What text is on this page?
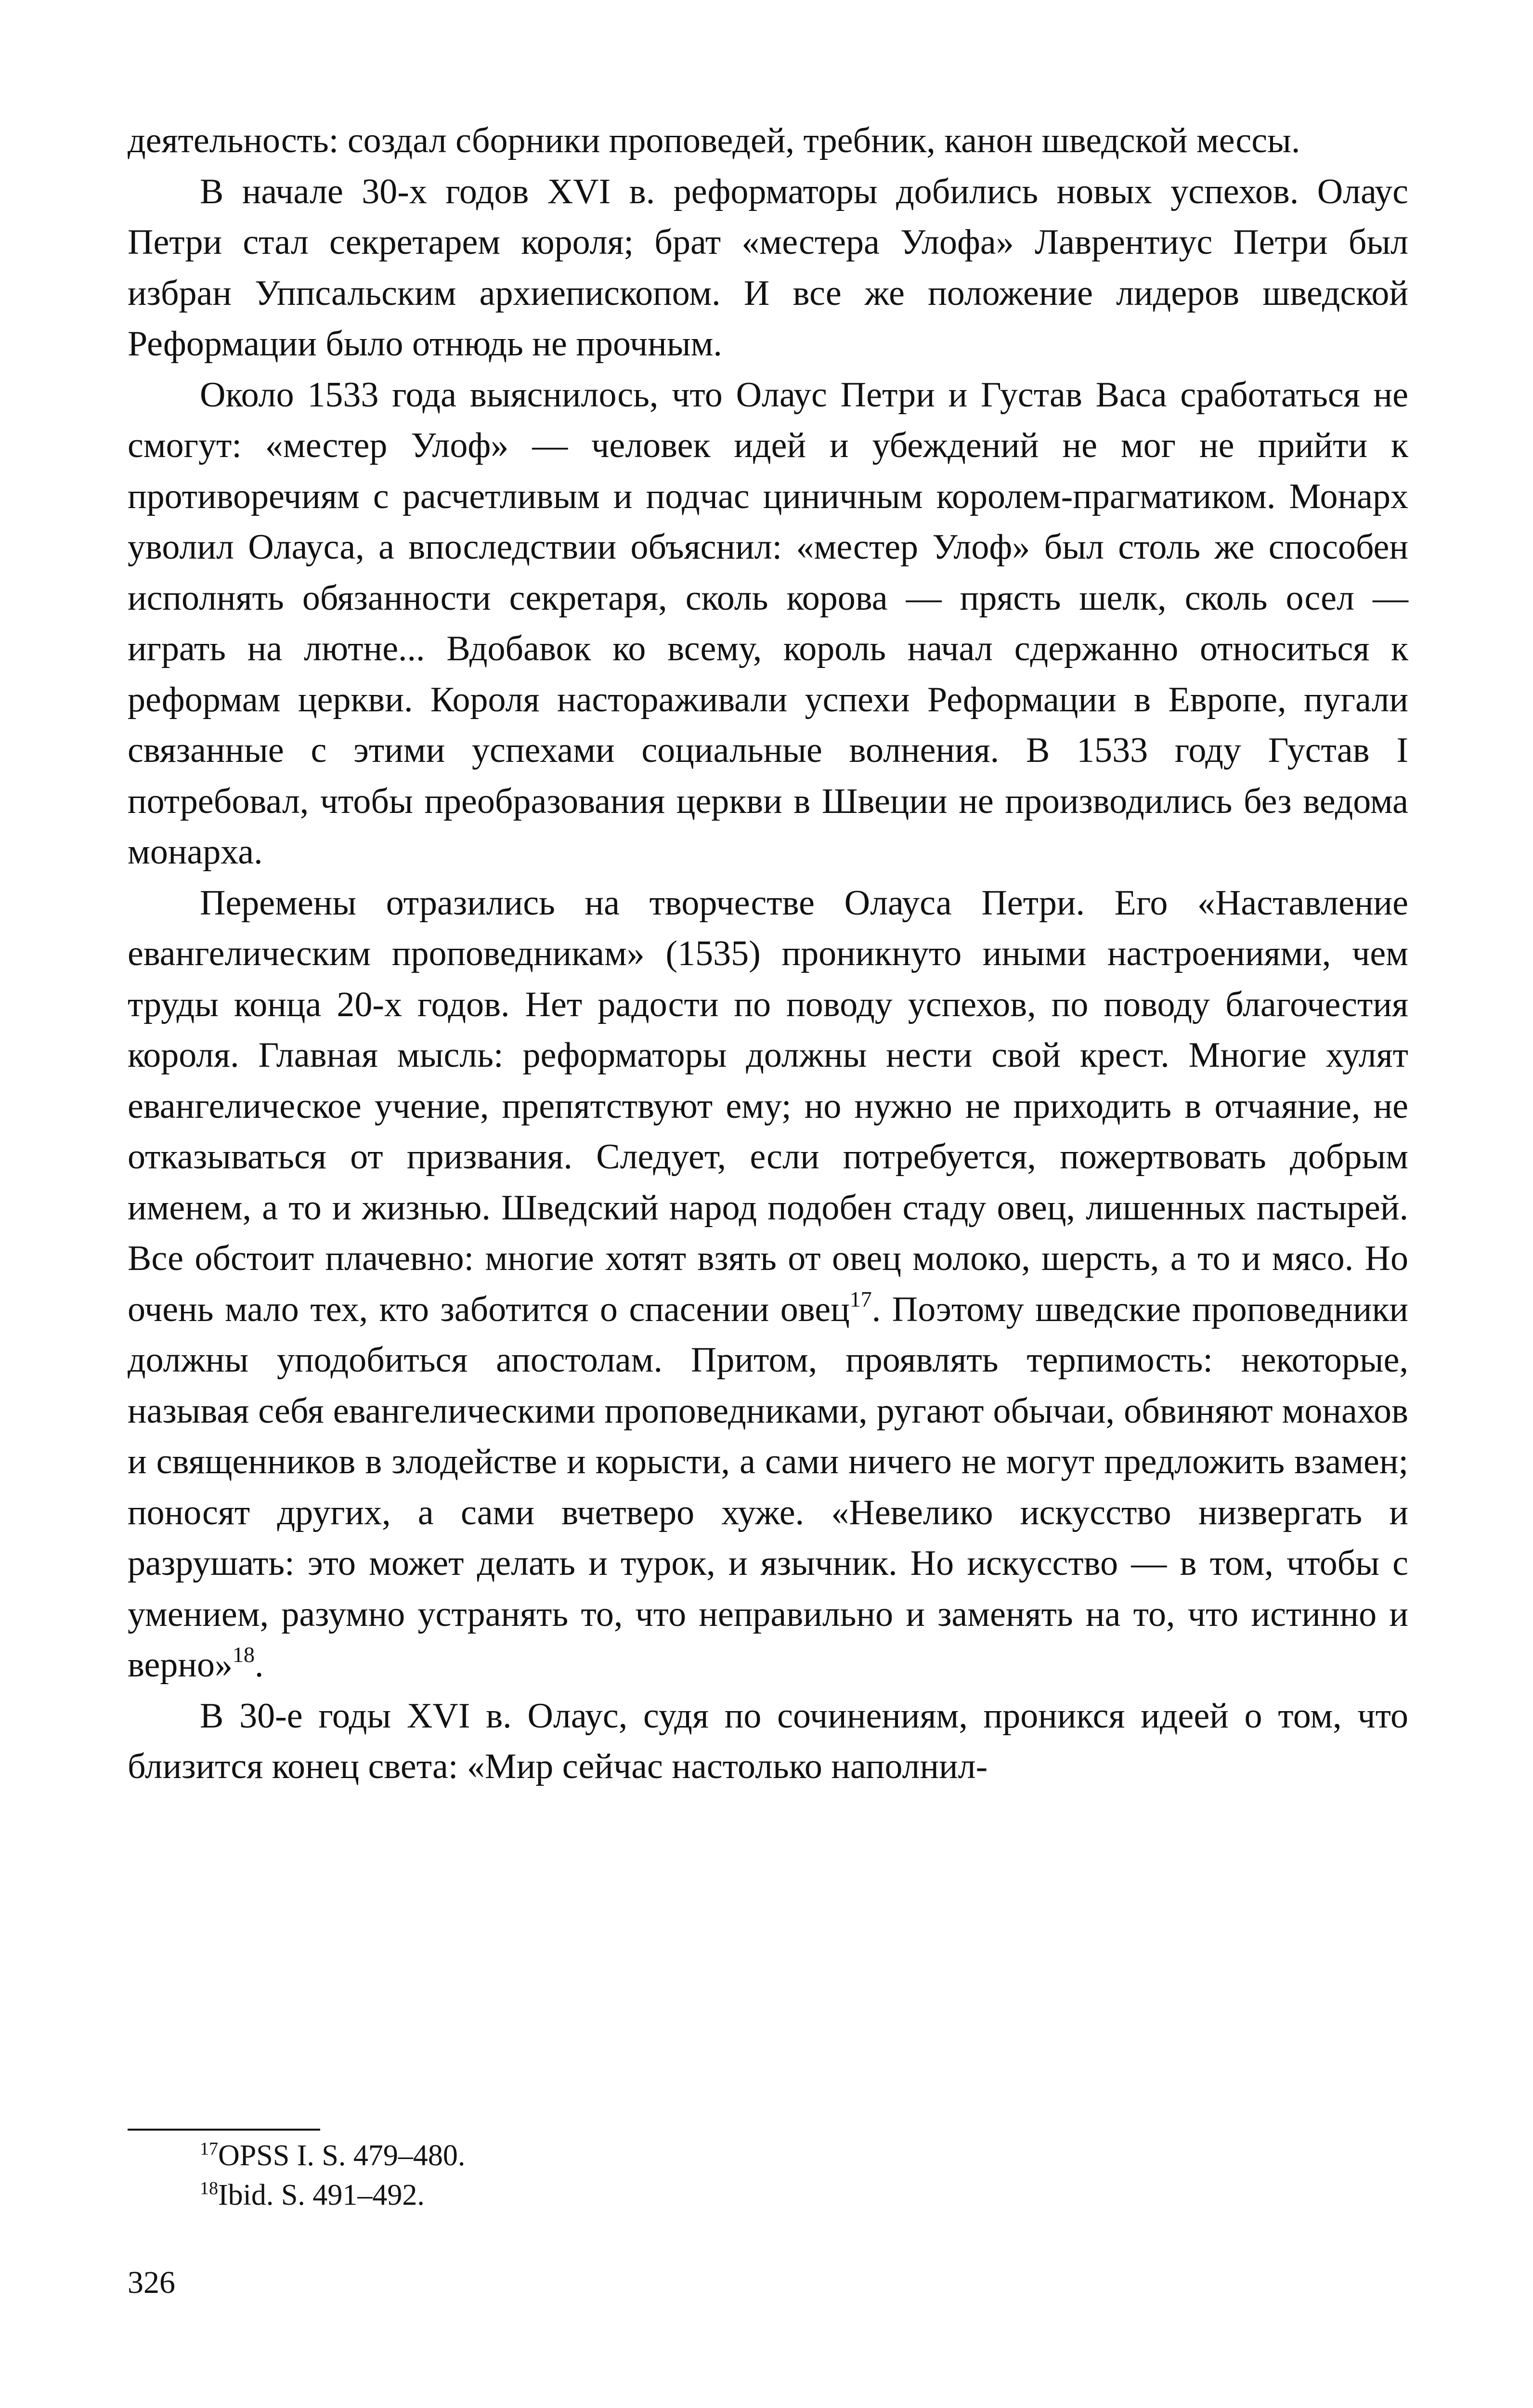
деятельность: создал сборники проповедей, требник, канон шведской мессы.

В начале 30-х годов XVI в. реформаторы добились новых успехов. Олаус Петри стал секретарем короля; брат «местера Улофа» Лаврентиус Петри был избран Уппсальским архиепископом. И все же положение лидеров шведской Реформации было отнюдь не прочным.

Около 1533 года выяснилось, что Олаус Петри и Густав Ваcа сработаться не смогут: «местер Улоф» — человек идей и убеждений не мог не прийти к противоречиям с расчетливым и подчас циничным королем-прагматиком. Монарх уволил Олауса, а впоследствии объяснил: «местер Улоф» был столь же способен исполнять обязанности секретаря, сколь корова — прясть шелк, сколь осел — играть на лютне... Вдобавок ко всему, король начал сдержанно относиться к реформам церкви. Короля настораживали успехи Реформации в Европе, пугали связанные с этими успехами социальные волнения. В 1533 году Густав I потребовал, чтобы преобразования церкви в Швеции не производились без ведома монарха.

Перемены отразились на творчестве Олауса Петри. Его «Наставление евангелическим проповедникам» (1535) проникнуто иными настроениями, чем труды конца 20-х годов. Нет радости по поводу успехов, по поводу благочестия короля. Главная мысль: реформаторы должны нести свой крест. Многие хулят евангелическое учение, препятствуют ему; но нужно не приходить в отчаяние, не отказываться от призвания. Следует, если потребуется, пожертвовать добрым именем, а то и жизнью. Шведский народ подобен стаду овец, лишенных пастырей. Все обстоит плачевно: многие хотят взять от овец молоко, шерсть, а то и мясо. Но очень мало тех, кто заботится о спасении овец$^{17}$. Поэтому шведские проповедники должны уподобиться апостолам. Притом, проявлять терпимость: некоторые, называя себя евангелическими проповедниками, ругают обычаи, обвиняют монахов и священников в злодействе и корысти, а сами ничего не могут предложить взамен; поносят других, а сами вчетверо хуже. «Невелико искусство низвергать и разрушать: это может делать и турок, и язычник. Но искусство — в том, чтобы с умением, разумно устранять то, что неправильно и заменять на то, что истинно и верно»$^{18}$.

В 30-е годы XVI в. Олаус, судя по сочинениям, проникся идеей о том, что близится конец света: «Мир сейчас настолько наполнил-

$^{17}$OPSS I. S. 479–480.

$^{18}$Ibid. S. 491–492.

326
